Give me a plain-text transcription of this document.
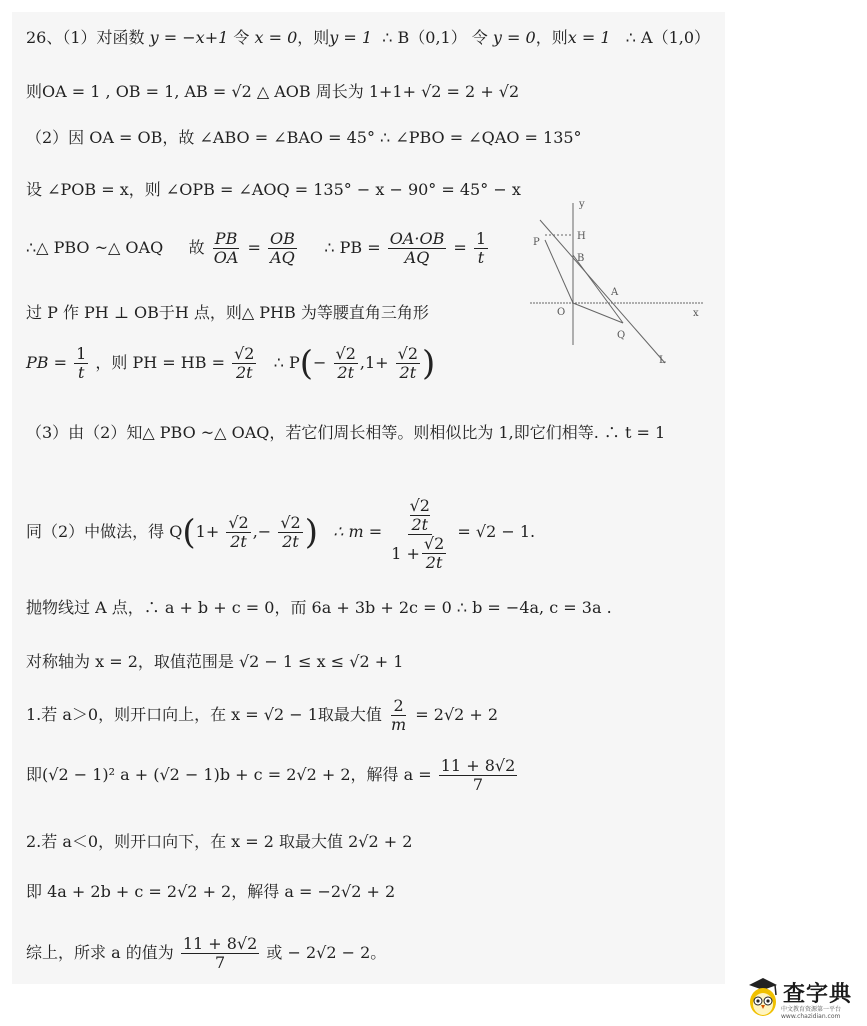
26、（1）对函数 y = −x+1 令 x = 0，则y = 1 ∴ B（0,1） 令 y = 0，则x = 1 ∴ A（1,0）
则OA = 1 , OB = 1, AB = √2 △ AOB 周长为 1+1+ √2 = 2 + √2
（2）因 OA = OB，故 ∠ABO = ∠BAO = 45° ∴ ∠PBO = ∠QAO = 135°
设 ∠POB = x，则 ∠OPB = ∠AOQ = 135° − x − 90° = 45° − x
∴△ PBO ~△ OAQ 故 $\frac{PB}{OA} = \frac{OB}{AQ}$ ∴ PB = $\frac{OA\cdot OB}{AQ} = \frac{1}{t}$
过 P 作 PH ⊥ OB于H 点，则△ PHB 为等腰直角三角形
PB = $\frac{1}{t}$ ，则 PH = HB = $\frac{√2}{2t}$ ∴ $P(- \frac{√2}{2t} ,1+ \frac{√2}{2t}$ )
（3）由（2）知△ PBO ~△ OAQ，若它们周长相等。则相似比为 1,即它们相等. ∴ t = 1
同（2）中做法，得 $Q(1+ \frac{√2}{2t}$ ,− $\frac{√2}{2t}$ ) ∴ m = √2
2t
$1 + \frac{√2}{2t} = √2 - 1$.
抛物线过 A 点，∴ a + b + c = 0，而 6a + 3b + 2c = 0 ∴ b = −4a, c = 3a .
对称轴为 x = 2，取值范围是 √2 − 1 ≤ x ≤ √2 + 1
1.若 a＞0，则开口向上，在 x = √2 − 1取最大值 $\frac{2}{m} = 2√2 + 2$
即(√2 − 1)² a + (√2 − 1)b + c = 2√2 + 2，解得 $a = \frac{11 + 8√2}{7}$
2.若 a＜0，则开口向下，在 x = 2 取最大值 2√2 + 2
即 4a + 2b + c = 2√2 + 2，解得 a = −2√2 + 2
综上，所求 a 的值为 $\frac{11 + 8√2}{7}$ 或 − 2√2 − 2。
y
x
O
H
B
A
P
Q
L
查字典
中文教育资源第一平台 www.chazidian.com
